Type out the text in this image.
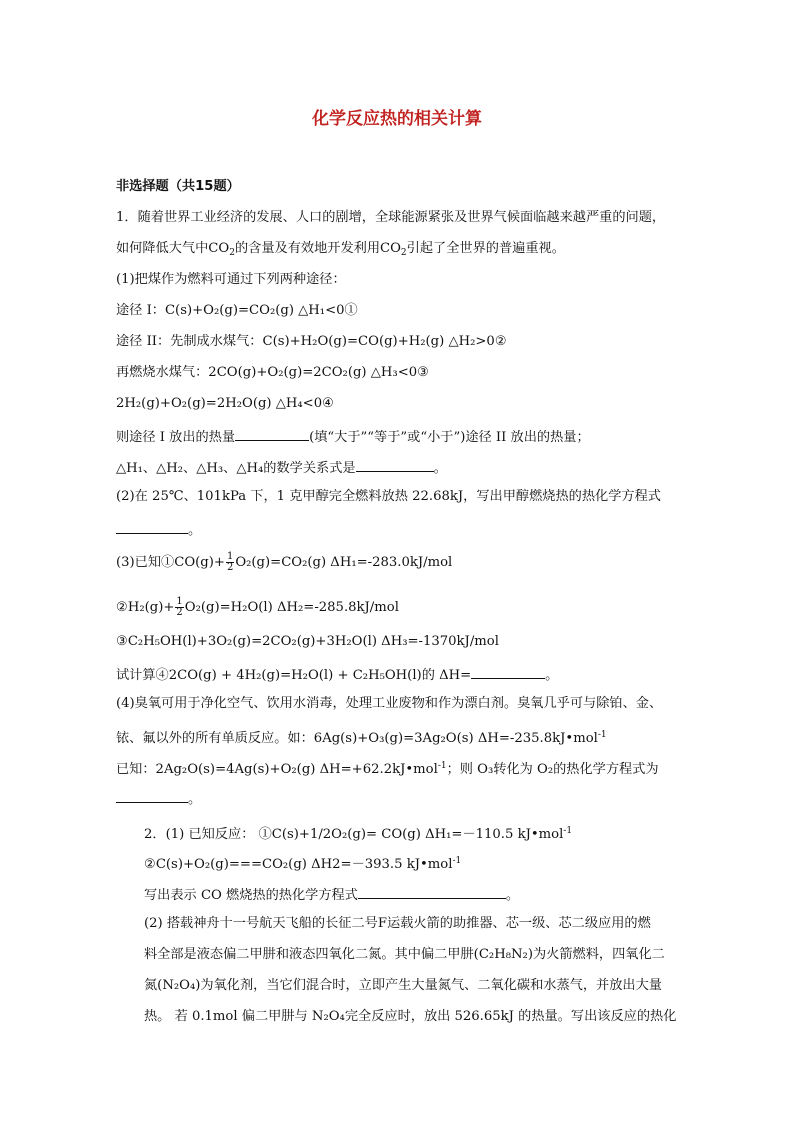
化学反应热的相关计算
非选择题（共15题）
1．随着世界工业经济的发展、人口的剧增，全球能源紧张及世界气候面临越来越严重的问题，
如何降低大气中$CO_2$的含量及有效地开发利用$CO_2$引起了全世界的普遍重视。
(1)把煤作为燃料可通过下列两种途径：
途径 I：C(s)+O₂(g)=CO₂(g) △H₁<0①
途径 II：先制成水煤气：C(s)+H₂O(g)=CO(g)+H₂(g) △H₂>0②
再燃烧水煤气：2CO(g)+O₂(g)=2CO₂(g) △H₃<0③
2H₂(g)+O₂(g)=2H₂O(g) △H₄<0④
则途径 I 放出的热量	(填“大于”“等于”或“小于”)途径 II 放出的热量；
△H₁、△H₂、△H₃、△H₄的数学关系式是	。
(2)在 25℃、101kPa 下，1 克甲醇完全燃料放热 22.68kJ，写出甲醇燃烧热的热化学方程式
。
(3)已知①CO(g)+ $\frac{1}{2} O_2(g)=CO_2(g)$ ΔH₁=-283.0kJ/mol
②H₂(g)+ $\frac{1}{2} O_2(g)=H_2O(l)$ ΔH₂=-285.8kJ/mol
③C₂H₅OH(l)+3O₂(g)=2CO₂(g)+3H₂O(l) ΔH₃=-1370kJ/mol
试计算④2CO(g) + 4H₂(g)=H₂O(l) + C₂H₅OH(l)的 ΔH=	。
(4)臭氧可用于净化空气、饮用水消毒，处理工业废物和作为漂白剂。臭氧几乎可与除铂、金、
铱、氟以外的所有单质反应。如：6Ag(s)+O₃(g)=3Ag₂O(s) ΔH=-235.8kJ•mol$^{-1}$
已知：2Ag₂O(s)=4Ag(s)+O₂(g) ΔH=+62.2kJ•mol$^{-1}$；则 O₃转化为 O₂的热化学方程式为
。
2．(1) 已知反应： ①C(s)+1/2O₂(g)= CO(g) ΔH₁=－110.5 kJ•mol$^{-1}$
②C(s)+O₂(g)===CO₂(g) ΔH2=－393.5 kJ•mol$^{-1}$
写出表示 CO 燃烧热的热化学方程式	。
(2) 搭载神舟十一号航天飞船的长征二号F运载火箭的助推器、芯一级、芯二级应用的燃
料全部是液态偏二甲肼和液态四氧化二氮。其中偏二甲肼(C₂H₈N₂)为火箭燃料，四氧化二
氮(N₂O₄)为氧化剂，当它们混合时，立即产生大量氮气、二氧化碳和水蒸气，并放出大量
热。 若 0.1mol 偏二甲肼与 N₂O₄完全反应时，放出 526.65kJ 的热量。写出该反应的热化
